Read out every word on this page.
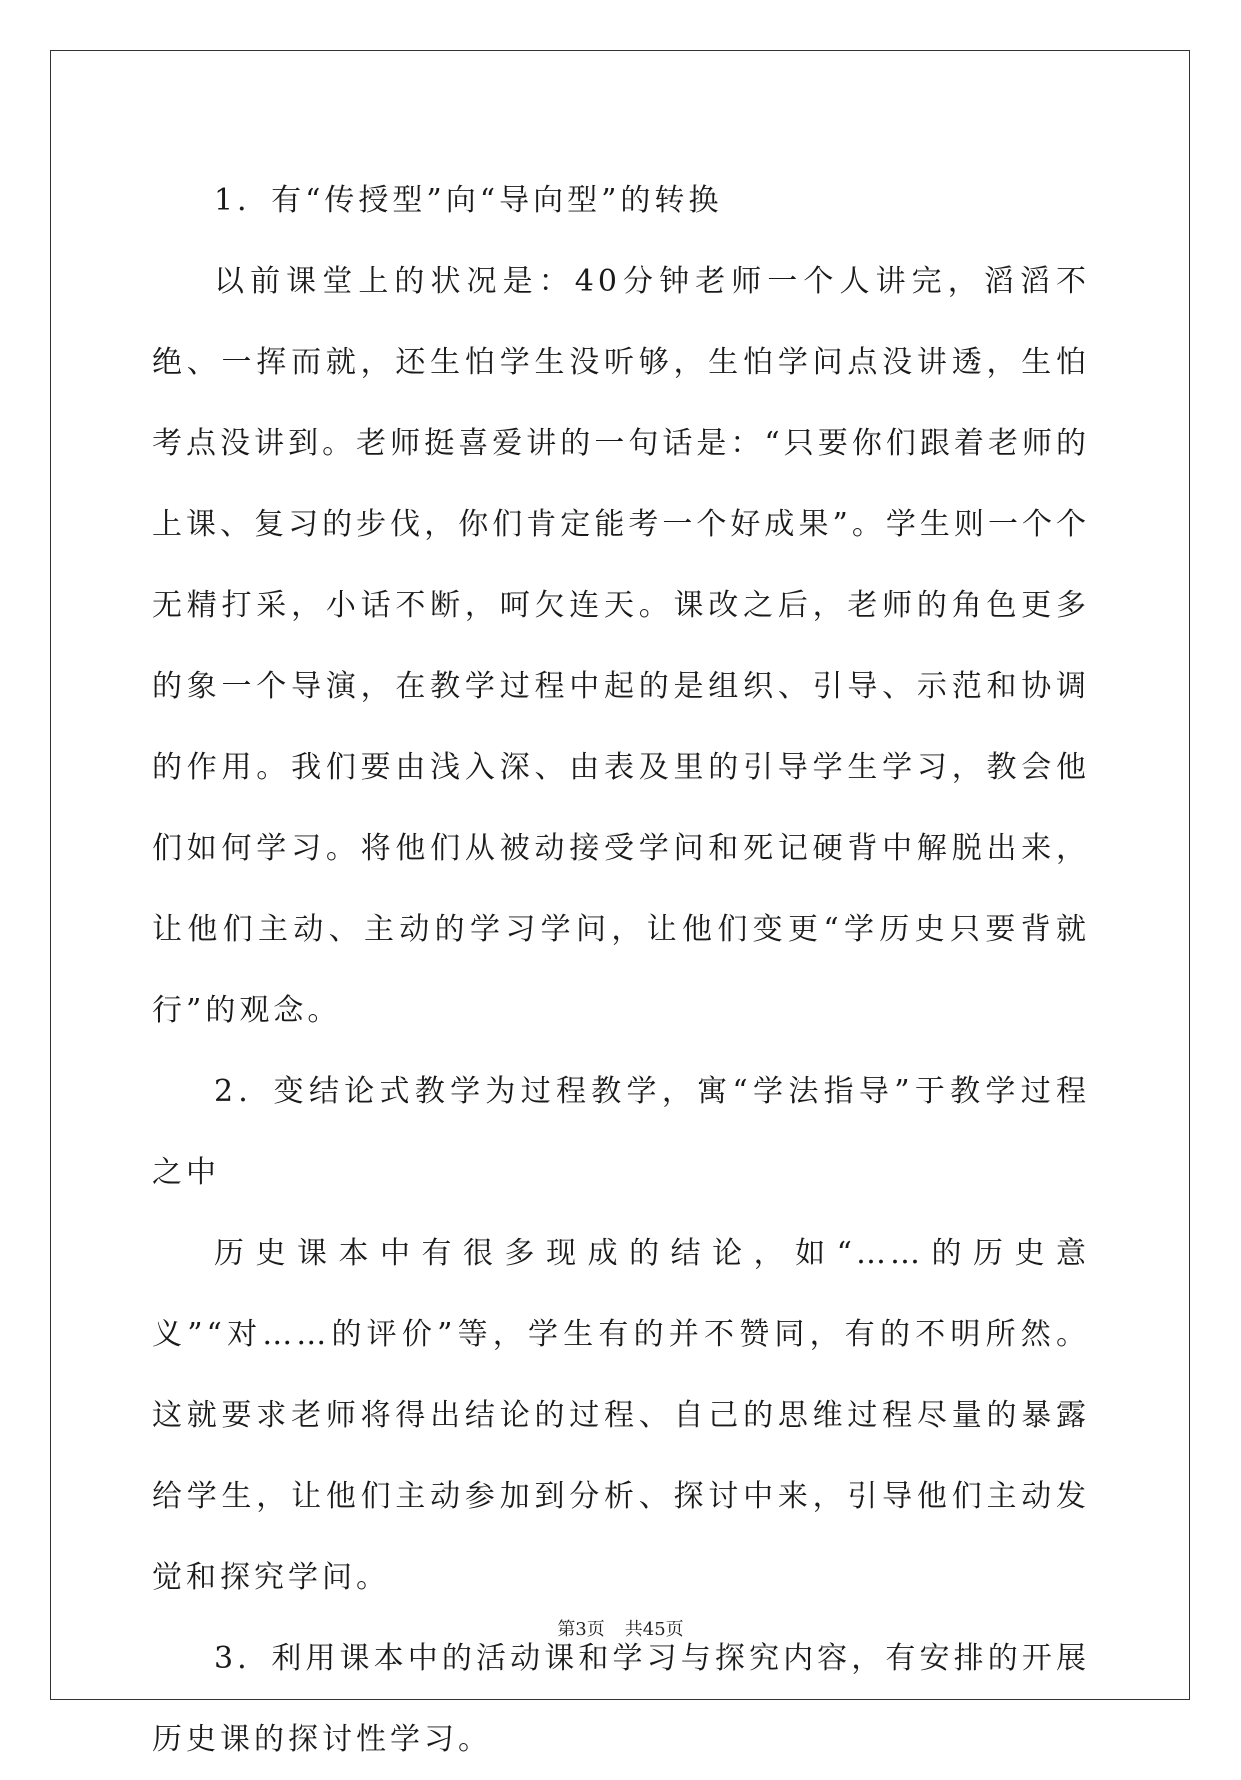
1．有“传授型”向“导向型”的转换

以前课堂上的状况是：40分钟老师一个人讲完，滔滔不绝、一挥而就，还生怕学生没听够，生怕学问点没讲透，生怕考点没讲到。老师挺喜爱讲的一句话是：“只要你们跟着老师的上课、复习的步伐，你们肯定能考一个好成果”。学生则一个个无精打采，小话不断，呵欠连天。课改之后，老师的角色更多的象一个导演，在教学过程中起的是组织、引导、示范和协调的作用。我们要由浅入深、由表及里的引导学生学习，教会他们如何学习。将他们从被动接受学问和死记硬背中解脱出来，让他们主动、主动的学习学问，让他们变更“学历史只要背就行”的观念。

2．变结论式教学为过程教学，寓“学法指导”于教学过程之中

历史课本中有很多现成的结论，如“……的历史意义”“对……的评价”等，学生有的并不赞同，有的不明所然。这就要求老师将得出结论的过程、自己的思维过程尽量的暴露给学生，让他们主动参加到分析、探讨中来，引导他们主动发觉和探究学问。

3．利用课本中的活动课和学习与探究内容，有安排的开展历史课的探讨性学习。

第3页 共45页
